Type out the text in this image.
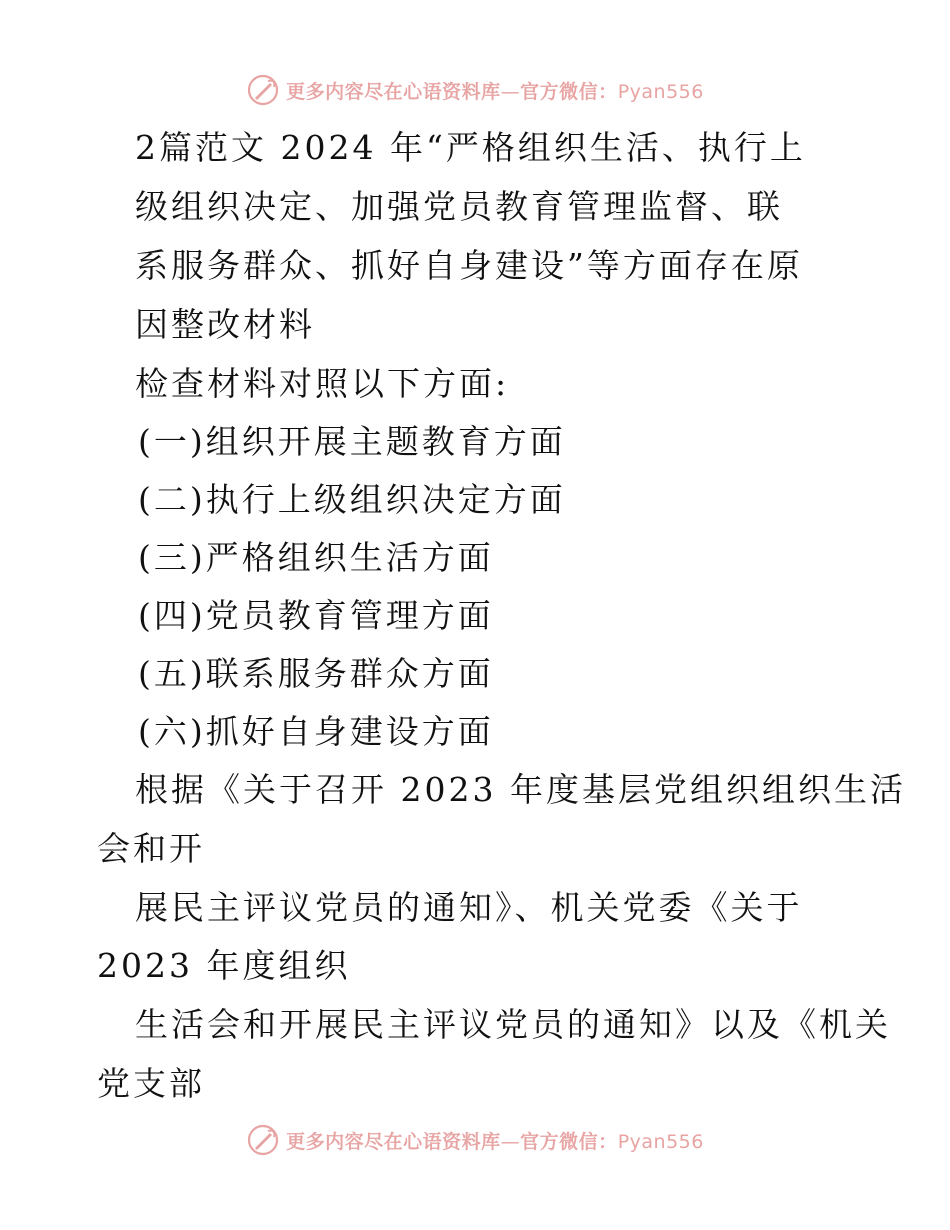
更多内容尽在心语资料库—官方微信：Pyan556
2篇范文 2024 年“严格组织生活、执行上
级组织决定、加强党员教育管理监督、联
系服务群众、抓好自身建设”等方面存在原
因整改材料
检查材料对照以下方面:
(一)组织开展主题教育方面
(二)执行上级组织决定方面
(三)严格组织生活方面
(四)党员教育管理方面
(五)联系服务群众方面
(六)抓好自身建设方面
根据《关于召开 2023 年度基层党组织组织生活
会和开
展民主评议党员的通知》、机关党委《关于
2023 年度组织
生活会和开展民主评议党员的通知》以及《机关
党支部
更多内容尽在心语资料库—官方微信：Pyan556
